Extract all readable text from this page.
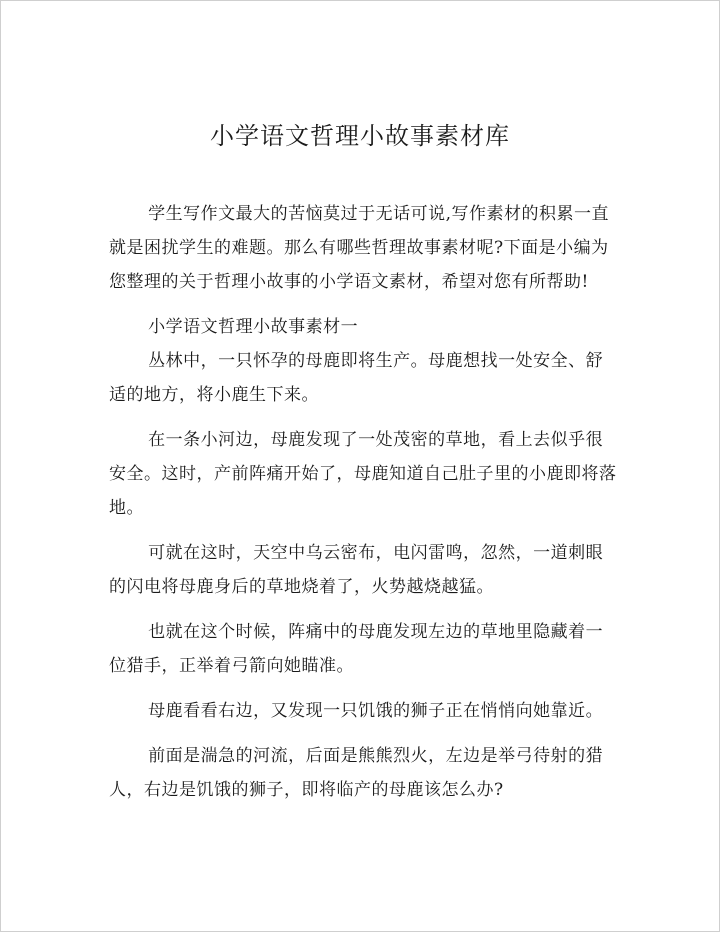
小学语文哲理小故事素材库

学生写作文最大的苦恼莫过于无话可说,写作素材的积累一直就是困扰学生的难题。那么有哪些哲理故事素材呢?下面是小编为您整理的关于哲理小故事的小学语文素材，希望对您有所帮助!

小学语文哲理小故事素材一

丛林中，一只怀孕的母鹿即将生产。母鹿想找一处安全、舒适的地方，将小鹿生下来。

在一条小河边，母鹿发现了一处茂密的草地，看上去似乎很安全。这时，产前阵痛开始了，母鹿知道自己肚子里的小鹿即将落地。

可就在这时，天空中乌云密布，电闪雷鸣，忽然，一道刺眼的闪电将母鹿身后的草地烧着了，火势越烧越猛。

也就在这个时候，阵痛中的母鹿发现左边的草地里隐藏着一位猎手，正举着弓箭向她瞄准。

母鹿看看右边，又发现一只饥饿的狮子正在悄悄向她靠近。

前面是湍急的河流，后面是熊熊烈火，左边是举弓待射的猎人，右边是饥饿的狮子，即将临产的母鹿该怎么办?
